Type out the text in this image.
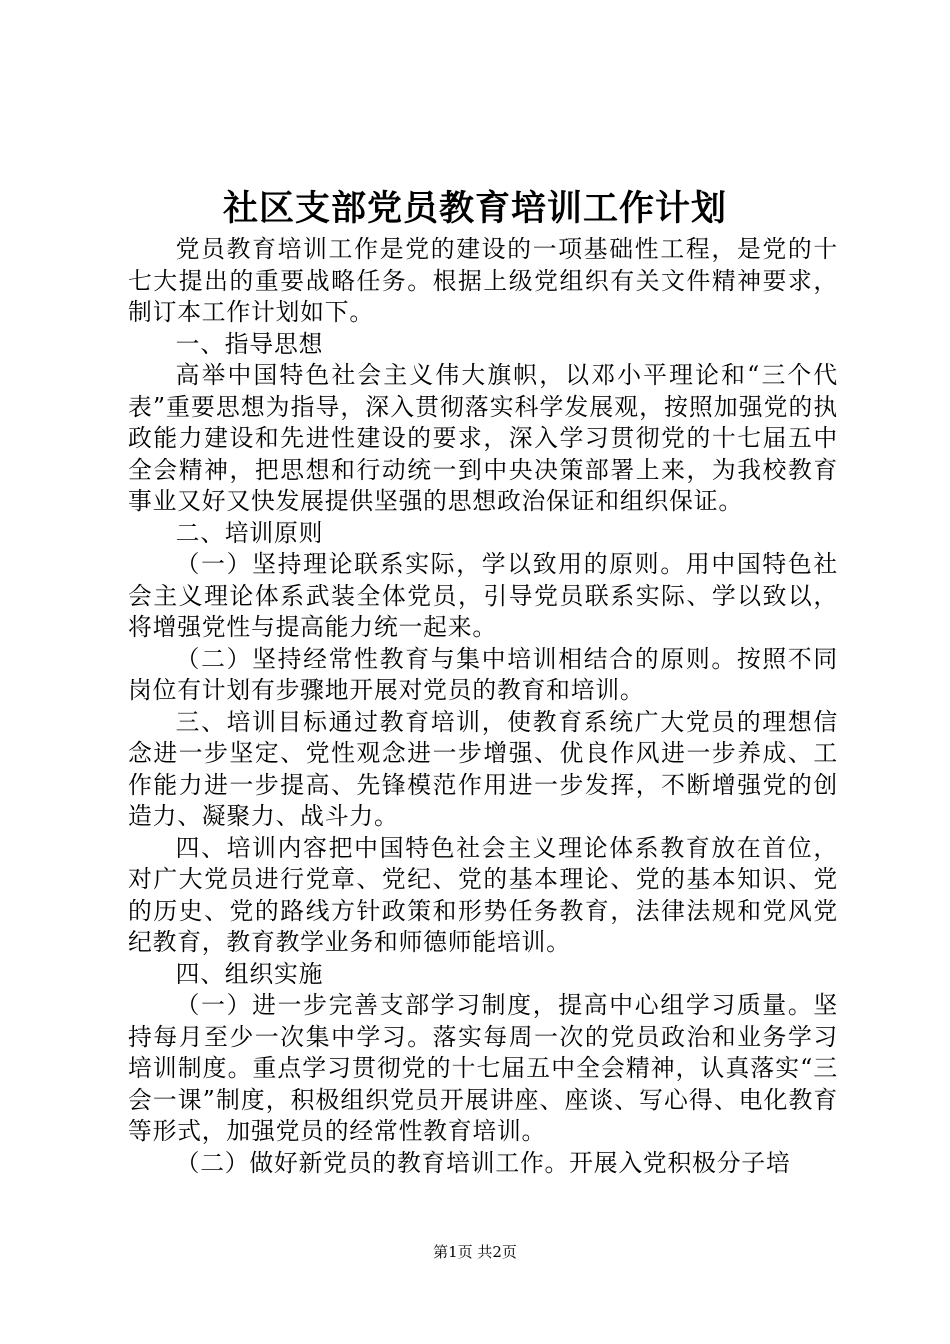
社区支部党员教育培训工作计划

党员教育培训工作是党的建设的一项基础性工程，是党的十七大提出的重要战略任务。根据上级党组织有关文件精神要求，制订本工作计划如下。

一、指导思想

高举中国特色社会主义伟大旗帜，以邓小平理论和“三个代表”重要思想为指导，深入贯彻落实科学发展观，按照加强党的执政能力建设和先进性建设的要求，深入学习贯彻党的十七届五中全会精神，把思想和行动统一到中央决策部署上来，为我校教育事业又好又快发展提供坚强的思想政治保证和组织保证。

二、培训原则

（一）坚持理论联系实际，学以致用的原则。用中国特色社会主义理论体系武装全体党员，引导党员联系实际、学以致以，将增强党性与提高能力统一起来。

（二）坚持经常性教育与集中培训相结合的原则。按照不同岗位有计划有步骤地开展对党员的教育和培训。

三、培训目标通过教育培训，使教育系统广大党员的理想信念进一步坚定、党性观念进一步增强、优良作风进一步养成、工作能力进一步提高、先锋模范作用进一步发挥，不断增强党的创造力、凝聚力、战斗力。

四、培训内容把中国特色社会主义理论体系教育放在首位，对广大党员进行党章、党纪、党的基本理论、党的基本知识、党的历史、党的路线方针政策和形势任务教育，法律法规和党风党纪教育，教育教学业务和师德师能培训。

四、组织实施

（一）进一步完善支部学习制度，提高中心组学习质量。坚持每月至少一次集中学习。落实每周一次的党员政治和业务学习培训制度。重点学习贯彻党的十七届五中全会精神，认真落实“三会一课”制度，积极组织党员开展讲座、座谈、写心得、电化教育等形式，加强党员的经常性教育培训。

（二）做好新党员的教育培训工作。开展入党积极分子培

第1页 共2页
